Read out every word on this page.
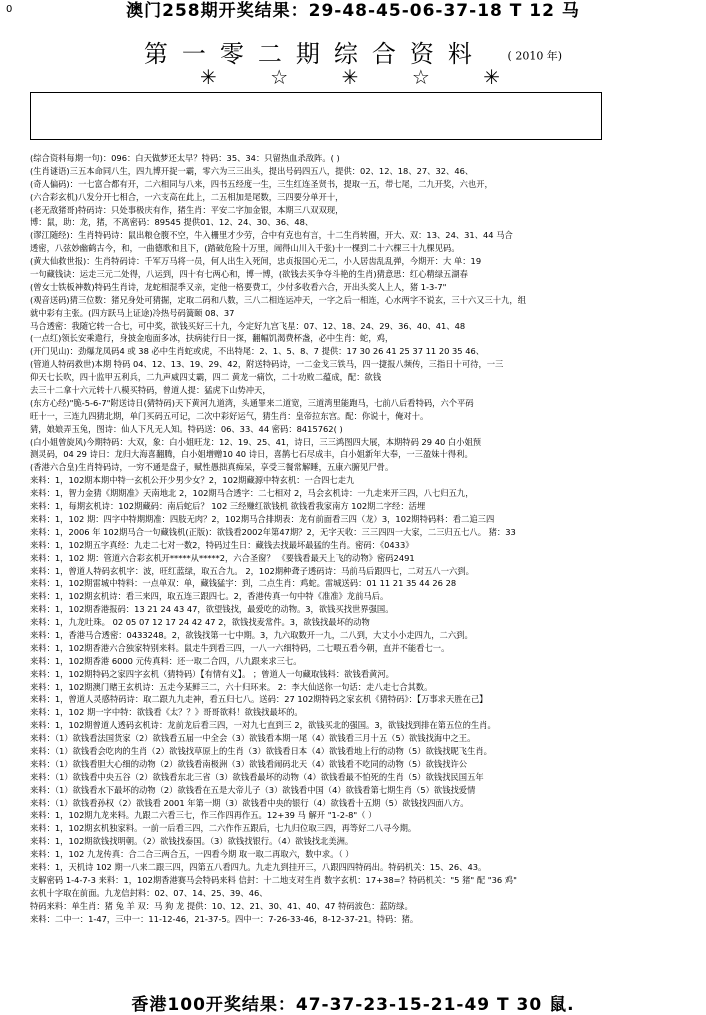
0	澳门258期开奖结果：29-48-45-06-37-18 T 12 马
第一零二期综合资料 ( 2010 年)
✳	☆	✳	☆	✳
(综合资料每期一句)：096：白天做梦还太早？特码：35、34：只留热血杀敌阵。( )
(生肖谜语)三五本命同八生，四九博开捉一霸，零六为三三出头，提出号码四五八，提供：02、12、18、27、32、46、
(奇人偏码)：一七富合都有开，二六相同与八来，四书五经度一生，三生红连圣贤书，提取一五，带七尾，二九开奖，六也开，
(六合彩玄机)八发分开七相合，一六支高在此上，二五相加是尾数，三四要分单开十，
(老无敌猪哥)特码诗：只处事极庆有作，猪生肖：平安二字加金银，本期三八双双现，
博：鼠，助：龙，猪，不离密码：89545 提供01、12、24、30、36、48、
(谬江随经)：生肖特码诗：鼠出粮仓腹不空，牛入栅里才少劳，合中有克也有言，十二生肖转圈，开大、双：13、24、31、44 马合
透密，八弦妙幽鹤古今，和，一曲德歌和且下，(踏破危险十万里，闹得山川入千张)十一棵到二十六棵三十九棵见码。
(黄大仙救世报)：生肖特码诗：千军万马将一员，何人出生入死间，忠贞报国心无二，小人居齿乱乱弹，今期开：大 单：19
一句藏钱诀：运走三元二处得，八运到，四十有七两心和，博一博，(欲钱去买争夺斗艳的生肖)猜意思：红心精绿五湖春
(曾女士铁板神数)特码生肖诗，龙蛇相混季又亲，定他一格要费工，少付多收看六合，开出头奖人上人，猪 1-3-7"
(观音送码)猜三位数：猪兄身处可猜掘，定取二码和八数，三八二相连运冲天，一字之后一相连，心水两字不说玄，三十六又三十九，组
就中彩有主张。(四方跃马上证途)冷热号码簧颐 08、37
马合透密：我随它转一合七，可中奖，欲钱买好三十九，今定好九宫飞星：07、12、18、24、29、36、40、41、48
(一点红)领长安乘遨行，身披金庖面多冰，扶病徒行日一探，翻幅饥渴费杯盏，必中生肖：蛇，鸡，
(开门见山)：劲爆龙凤码4 或 38 必中生肖蛇或虎，不出特尾：2、1、5、8、7 提供：17 30 26 41 25 37 11 20 35 46、
(管道人特码救世)本期 特码 04、12、13、19、29、42，附送特码诗，一二金戈三铁马，四一捷报八频传，三指日十可待，一三
仰天七长吹，四十监甲五利兵，二九声威四丈霸，四二 黄龙一痛饮，二十功败二蕴成，配：欲钱
去三十二拿十六元转十八模买特码，曾道人提：猛虎下山势冲天，
(东方心经)"脆-5-6-7"附送诗日(猜特码)天下黄河九道湾，头通罪来二道宽，三道湾里能跑马，七前八后看特码，六个平码
旺十一，三连九四猜北期，单门买码五可记，二次中彩好运气，猜生肖：皇帝拉东宫。配：你说十，俺对十。
猜，娘娘弄玉兔，图诗：仙人下凡无人知。特码送：06、33、44 密码：8415762( )
(白小姐曾旋风)今期特码：大双，象：白小姐旺龙：12、19、25、41，诗曰，三三鸿图四大展，本期特码 29 40 白小姐预
测灵码，04 29 诗日：龙归大海喜翻腾，白小姐增赠10 40 诗日，喜鹊七石尽成丰，白小姐新年大奉，一三盈妹十得利。
(香港六合皇)生肖特码诗，一穷不通是盘子，赋性愚拙真痴呆，享受三餐常解睡，五康六腑见尸骨。
来料：1，102期本期中特一玄机公开少男少女？2，102期藏源中特玄机：一合四七走九
来料：1，智力金猜《期期准》天南地北 2，102期马合透字：二七相对 2，马会玄机诗：一九走来开三四，八七归五九，
来料：1，每期玄机诗：102期藏码：南后蛇后？ 102 三经赚红欲钱机 欲钱看我家南方 102期二字经：活埋
来料：1，102 期：四字中特期期准：四肢无肉？2，102期马合排期表：龙有前面看三四（龙）3，102期特码料：看二追三四
来料：1，2006 年 102期马合一句藏钱机(正版)：欲钱看2002年第47期？2，无字天收：三三四四一大家，二三归五七八。 猪：33
来料：1，102期五字真经：九走二七对一数2，特码过生日：藏钱去找最坏最猛的生肖。密码：《0433》
来料：1，102 期：管道六合彩玄机开*****从*****2，六合圣窗？ 《要钱看最天上飞的动物》密码2491
来料：1，曾道人特码玄机字：波，旺红蓝绿，取五合九。 2，102期种聋子透码诗：马前马后跟四七，二对五八一六到。
来料：1，102期雷城中特料：一点单双：单，藏钱猛宇：到，二点生肖：鸡蛇。雷城送码：01 11 21 35 44 26 28
来料：1，102期玄机诗：看三来四，取五连三跟四七。2，香港传真一句中特《准准》龙前马后。
来料：1，102期香港报码：13 21 24 43 47，欲望钱找，最爱吃的动物。3，欲钱买找世界强国。
来料：1，九龙吐珠。 02 05 07 12 17 24 42 47 2，欲钱找麦常件。3，欲钱找最坏的动物
来料：1，香港马合透密：0433248。2，欲钱找第一七中期。3，九六取数开一九，二八到，大丈小小走四九，二六到。
来料：1，102期香港六合独家特别来料。鼠走牛到看三四，一八一六细特码，二七喂五看今朝，直并不能看七一。
来料：1，102期香港 6000 元传真料：还一取二合四，八九跟来求三七。
来料：1，102期特码之家四字玄机（猜特码）【有情有义】。 ；曾道人一句藏取钱料：欲钱看黄河。
来料：1，102期澳门赌王玄机诗：五走今某鲜三二，六十归环来。 2：李大仙送你一句话：走八走七合其数。
来料：1，曾道人灵感特码诗：取二跟九九走神，看五归七八。送码：27 102期特码之家玄机《猜特码》：【万事求天胜在己】
来料：1，102 期一字中特：欲钱看《太？？》哥哥欲料！欲钱找最坏的。
来料：1，102期曾道人透码玄机诗：龙前龙后看三四，一对九七直到三 2，欲钱买北的强国。3，欲钱找到排在第五位的生肖。
来料：（1）欲钱看法国货家（2）欲钱看五届一中全会（3）欲钱看本期一尾（4）欲钱看三月十五（5）欲钱找海中之王。
来料：（1）欲钱看会吃肉的生肖（2）欲钱找草原上的生肖（3）欲钱看日本（4）欲钱看地上行的动物（5）欲钱找昵飞生肖。
来料：（1）欲钱看胆大心细的动物（2）欲钱看南极洲（3）欲钱看闹码北天（4）欲钱看不吃同的动物（5）欲钱找许公
来料：（1）欲钱看中央五谷（2）欲钱看东北三省（3）欲钱看最坏的动物（4）欲钱看最不怕死的生肖（5）欲钱找民国五年
来料：（1）欲钱看水下最坏的动物（2）欲钱看在五是大帝儿子（3）欲钱看中国（4）欲钱看第七期生肖（5）欲钱找爱情
来料：（1）欲钱看孙权（2）欲钱看 2001 年第一期（3）欲钱看中央的银行（4）欲钱看十五期（5）欲钱找四面八方。
来料：1，102期九龙来料。九跟二六看三七，作三作四再作五。12+39 马 解开 "1-2-8"（ ）
来料：1，102期玄机独家料。一前一后看三四，二六作作五跟后，七九归位取三四，再等好二八寻今期。
来料：1，102期欲钱找明朝。（2）欲钱找泰国。（3）欲钱找银行。（4）欲钱找北美洲。
来料：1，102 九龙传真：合二合三两合五，一四看今期 取一取二再取六，数中求。（ ）
来料：1，天机诗 102 期一八来二跟三四，四第五八看四九。九走九到挂开三，八跟四四特码出。特码机关：15、26、43。
支解密码 1-4-7-3 来料：1，102期香港赛马会特码来料 信封：十二地支对生肖 数字玄机：17+38=？特码机关："5 猪" 配 "36 鸡"
玄机十字取在前面。九龙信封料：02、07、14、25、39、46、
特码来料：单生肖：猪 兔 羊 双：马 狗 龙 提供：10、12、21、30、41、40、47 特码波色：蓝防绿。
来料：二中一：1-47，三中一：11-12-46，21-37-5。四中一：7-26-33-46，8-12-37-21。特码：猪。
香港100开奖结果：47-37-23-15-21-49 T 30 鼠.
